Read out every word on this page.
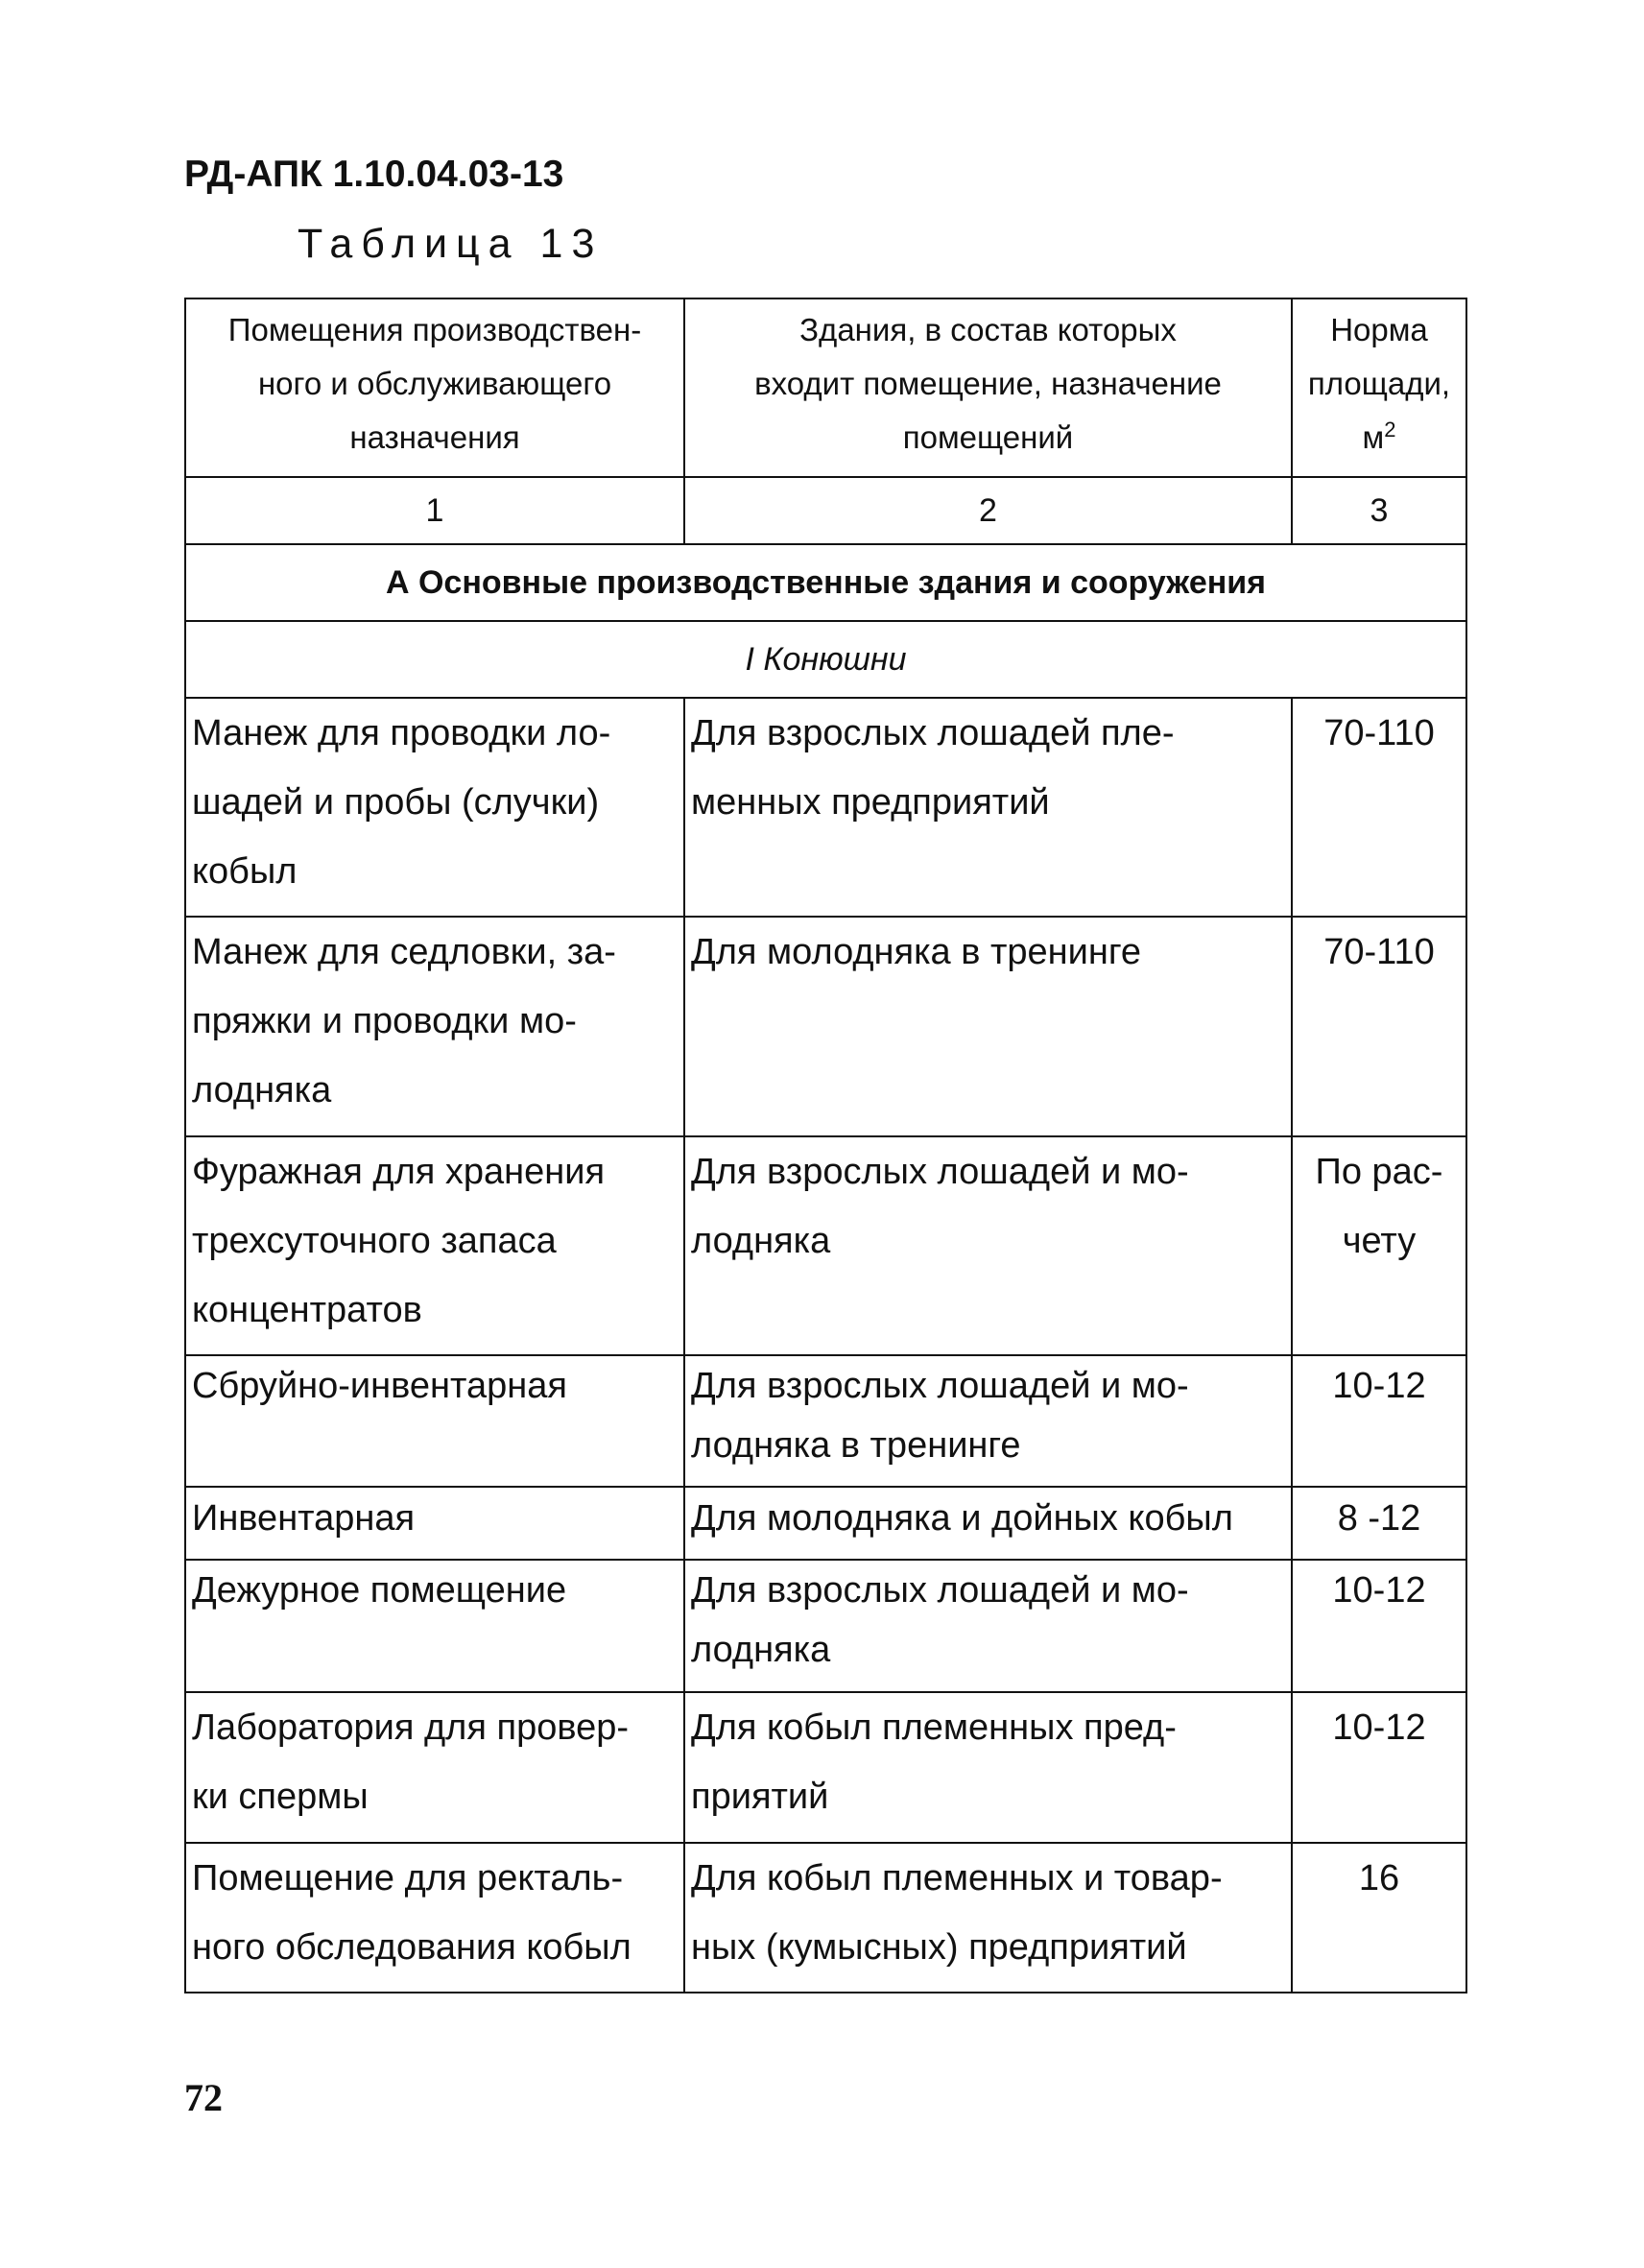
РД-АПК 1.10.04.03-13
Таблица 13
Помещения производствен-
ного и обслуживающего
назначения	Здания, в состав которых
входит помещение, назначение
помещений	Норма
площади,
$м^2$
1	2	3
А Основные производственные здания и сооружения		
I Конюшни		
Манеж для проводки ло-
шадей и пробы (случки)
кобыл	Для взрослых лошадей пле-
менных предприятий	70-110
Манеж для седловки, за-
пряжки и проводки мо-
лодняка	Для молодняка в тренинге	70-110
Фуражная для хранения
трехсуточного запаса
концентратов	Для взрослых лошадей и мо-
лодняка	По рас-
чету
Сбруйно-инвентарная	Для взрослых лошадей и мо-
лодняка в тренинге	10-12
Инвентарная	Для молодняка и дойных кобыл	8 -12
Дежурное помещение	Для взрослых лошадей и мо-
лодняка	10-12
Лаборатория для провер-
ки спермы	Для кобыл племенных пред-
приятий	10-12
Помещение для ректаль-
ного обследования кобыл	Для кобыл племенных и товар-
ных (кумысных) предприятий	16
72
